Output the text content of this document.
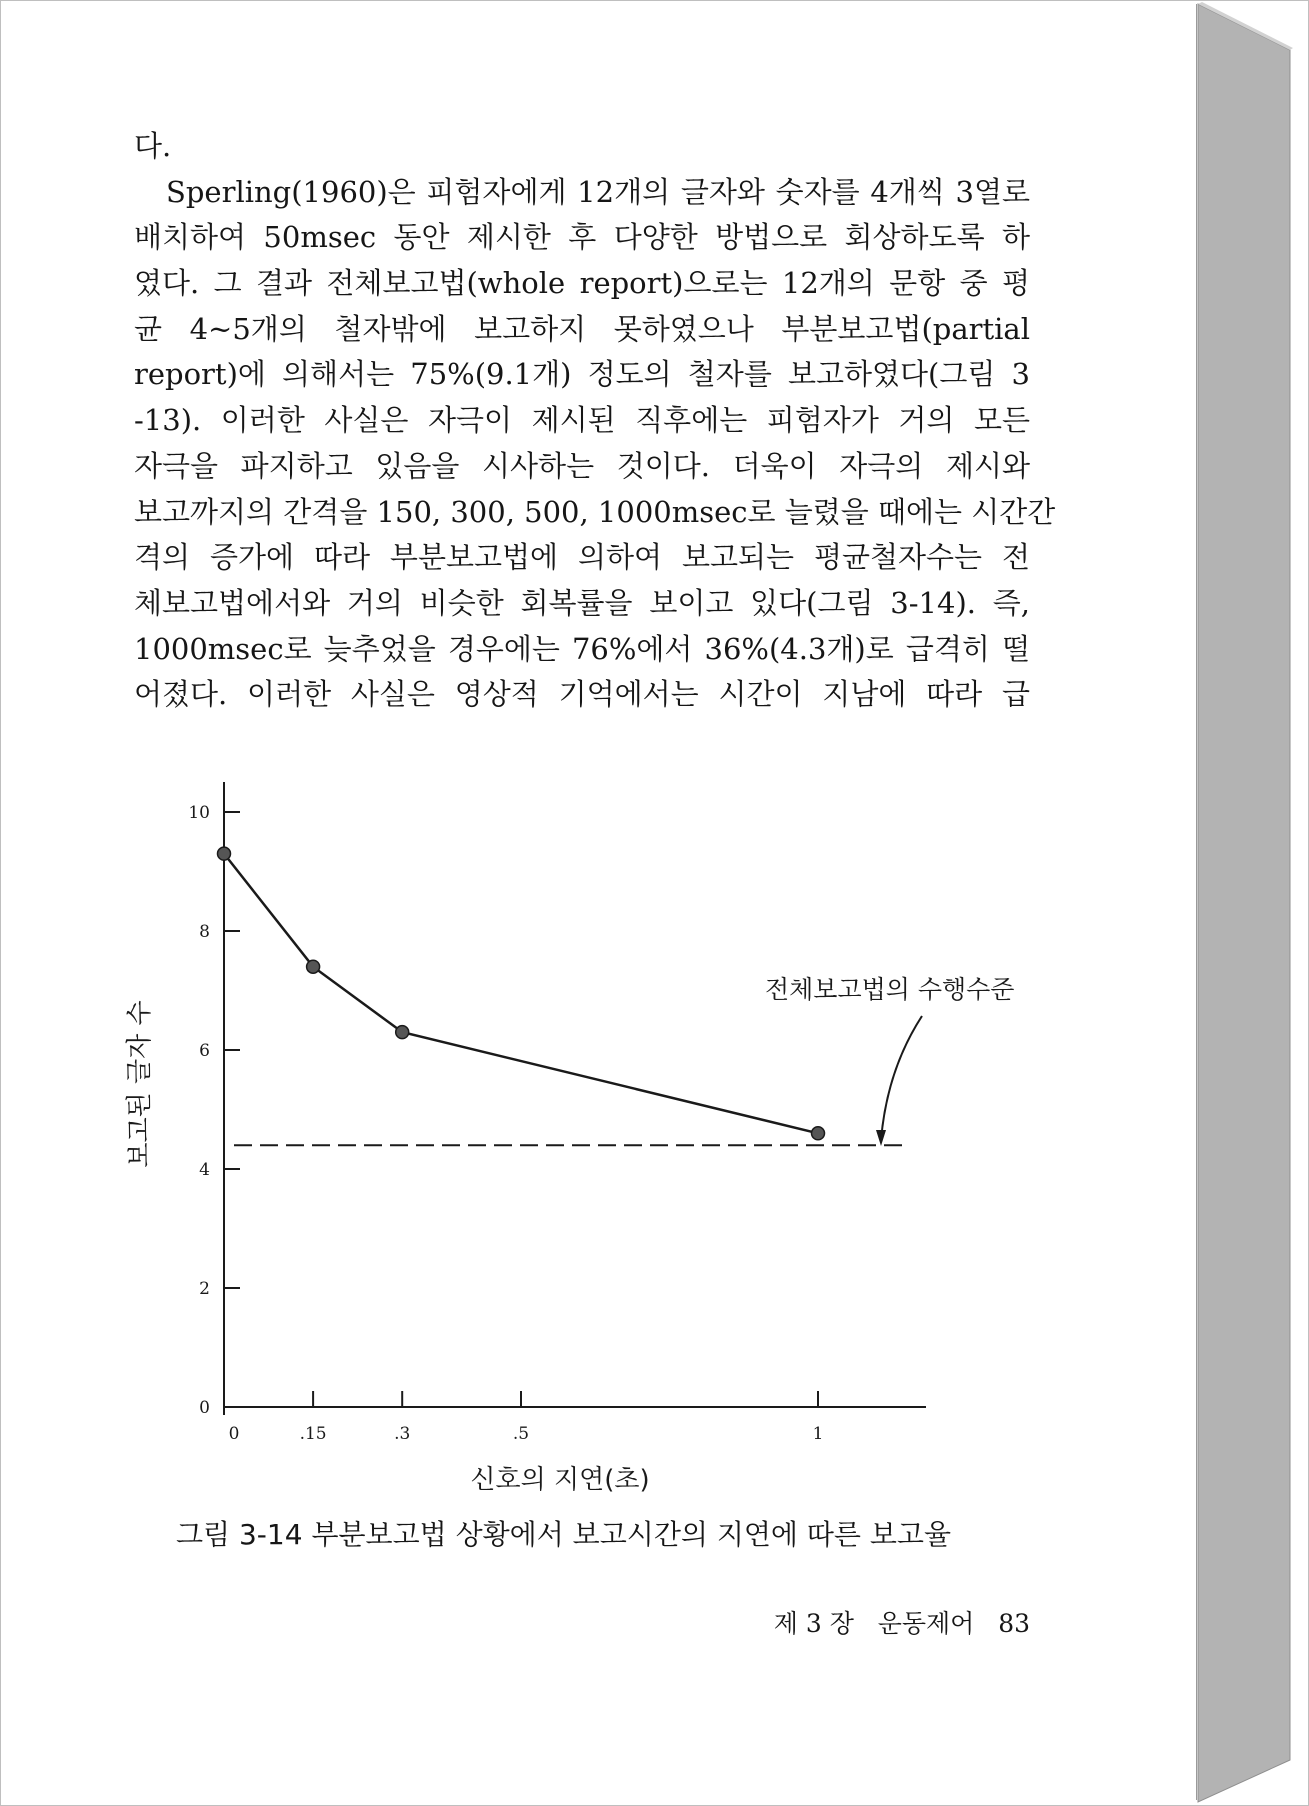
다.
Sperling(1960)은 피험자에게 12개의 글자와 숫자를 4개씩 3열로
배치하여 50msec 동안 제시한 후 다양한 방법으로 회상하도록 하
였다. 그 결과 전체보고법(whole report)으로는 12개의 문항 중 평
균 4~5개의 철자밖에 보고하지 못하였으나 부분보고법(partial
report)에 의해서는 75%(9.1개) 정도의 철자를 보고하였다(그림 3
-13). 이러한 사실은 자극이 제시된 직후에는 피험자가 거의 모든
자극을 파지하고 있음을 시사하는 것이다. 더욱이 자극의 제시와
보고까지의 간격을 150, 300, 500, 1000msec로 늘렸을 때에는 시간간
격의 증가에 따라 부분보고법에 의하여 보고되는 평균철자수는 전
체보고법에서와 거의 비슷한 회복률을 보이고 있다(그림 3-14). 즉,
1000msec로 늦추었을 경우에는 76%에서 36%(4.3개)로 급격히 떨
어졌다. 이러한 사실은 영상적 기억에서는 시간이 지남에 따라 급
0
2
4
6
8
10
0	.15	.3	.5	1
전체보고법의 수행수준
신호의 지연(초)
보고된 글자 수
그림 3-14 부분보고법 상황에서 보고시간의 지연에 따른 보고율
제 3 장 운동제어 83
